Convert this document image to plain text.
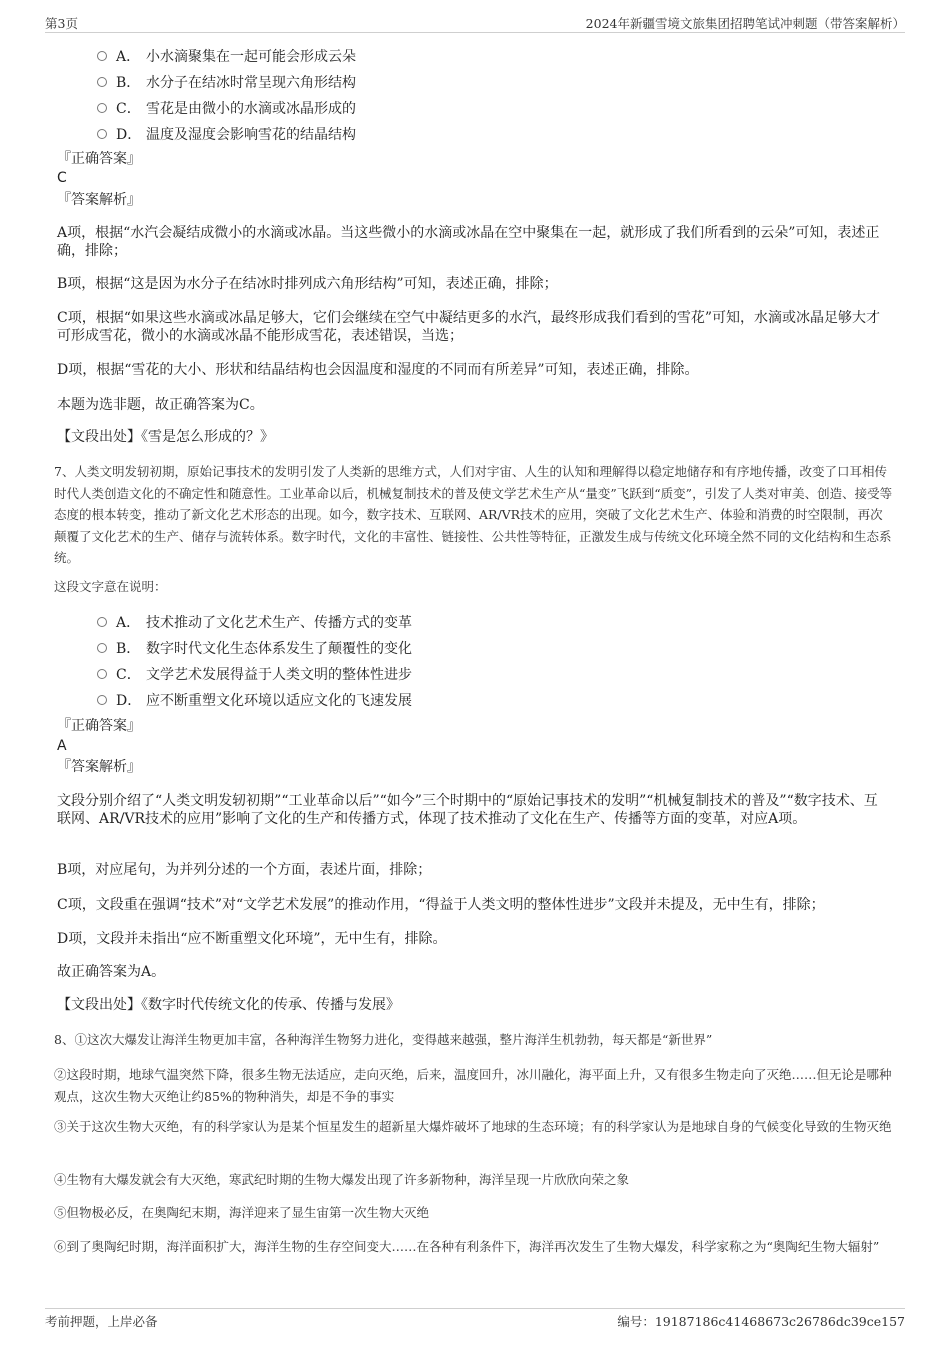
第3页	2024年新疆雪境文旅集团招聘笔试冲刺题（带答案解析）
A． 小水滴聚集在一起可能会形成云朵
B． 水分子在结冰时常呈现六角形结构
C． 雪花是由微小的水滴或冰晶形成的
D． 温度及湿度会影响雪花的结晶结构
『正确答案』
C
『答案解析』
A项，根据“水汽会凝结成微小的水滴或冰晶。当这些微小的水滴或冰晶在空中聚集在一起，就形成了我们所看到的云朵”可知，表述正确，排除；
B项，根据“这是因为水分子在结冰时排列成六角形结构”可知，表述正确，排除；
C项，根据“如果这些水滴或冰晶足够大，它们会继续在空气中凝结更多的水汽，最终形成我们看到的雪花”可知，水滴或冰晶足够大才可形成雪花，微小的水滴或冰晶不能形成雪花，表述错误，当选；
D项，根据“雪花的大小、形状和结晶结构也会因温度和湿度的不同而有所差异”可知，表述正确，排除。
本题为选非题，故正确答案为C。
【文段出处】《雪是怎么形成的？》
7、人类文明发轫初期，原始记事技术的发明引发了人类新的思维方式，人们对宇宙、人生的认知和理解得以稳定地储存和有序地传播，改变了口耳相传时代人类创造文化的不确定性和随意性。工业革命以后，机械复制技术的普及使文学艺术生产从“量变”飞跃到“质变”，引发了人类对审美、创造、接受等态度的根本转变，推动了新文化艺术形态的出现。如今，数字技术、互联网、AR/VR技术的应用，突破了文化艺术生产、体验和消费的时空限制，再次颠覆了文化艺术的生产、储存与流转体系。数字时代，文化的丰富性、链接性、公共性等特征，正激发生成与传统文化环境全然不同的文化结构和生态系统。
这段文字意在说明：
A． 技术推动了文化艺术生产、传播方式的变革
B． 数字时代文化生态体系发生了颠覆性的变化
C． 文学艺术发展得益于人类文明的整体性进步
D． 应不断重塑文化环境以适应文化的飞速发展
『正确答案』
A
『答案解析』
文段分别介绍了“人类文明发轫初期”“工业革命以后”“如今”三个时期中的“原始记事技术的发明”“机械复制技术的普及”“数字技术、互联网、AR/VR技术的应用”影响了文化的生产和传播方式，体现了技术推动了文化在生产、传播等方面的变革，对应A项。
B项，对应尾句，为并列分述的一个方面，表述片面，排除；
C项，文段重在强调“技术”对“文学艺术发展”的推动作用，“得益于人类文明的整体性进步”文段并未提及，无中生有，排除；
D项，文段并未指出“应不断重塑文化环境”，无中生有，排除。
故正确答案为A。
【文段出处】《数字时代传统文化的传承、传播与发展》
8、①这次大爆发让海洋生物更加丰富，各种海洋生物努力进化，变得越来越强，整片海洋生机勃勃，每天都是“新世界”
②这段时期，地球气温突然下降，很多生物无法适应，走向灭绝，后来，温度回升，冰川融化，海平面上升，又有很多生物走向了灭绝……但无论是哪种观点，这次生物大灭绝让约85%的物种消失，却是不争的事实
③关于这次生物大灭绝，有的科学家认为是某个恒星发生的超新星大爆炸破坏了地球的生态环境；有的科学家认为是地球自身的气候变化导致的生物灭绝
④生物有大爆发就会有大灭绝，寒武纪时期的生物大爆发出现了许多新物种，海洋呈现一片欣欣向荣之象
⑤但物极必反，在奥陶纪末期，海洋迎来了显生宙第一次生物大灭绝
⑥到了奥陶纪时期，海洋面积扩大，海洋生物的生存空间变大……在各种有利条件下，海洋再次发生了生物大爆发，科学家称之为“奥陶纪生物大辐射”
考前押题，上岸必备	编号：19187186c41468673c26786dc39ce157
